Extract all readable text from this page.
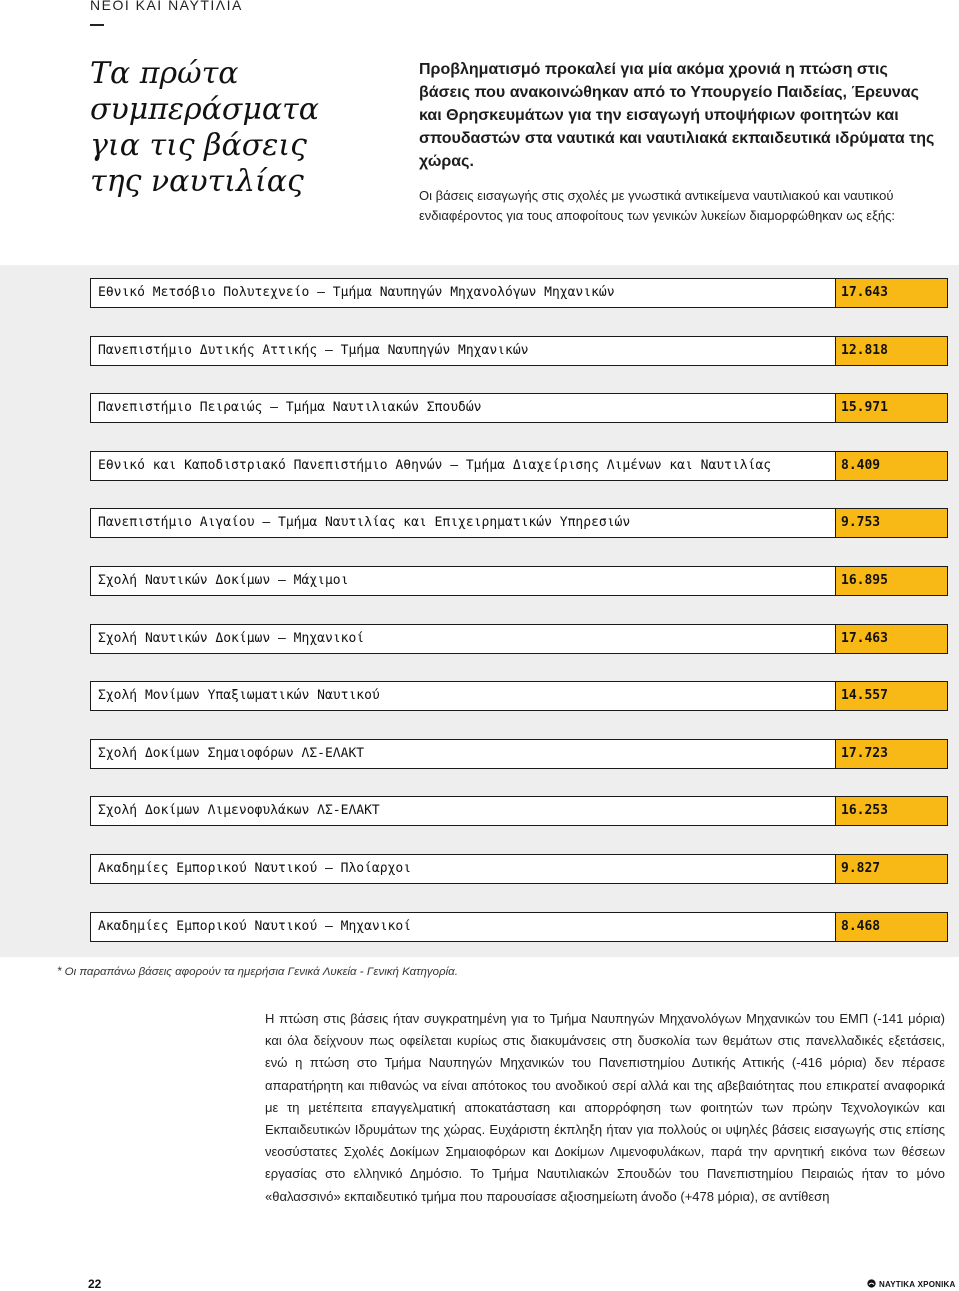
ΝΕΟΙ ΚΑΙ ΝΑΥΤΙΛΙΑ
Τα πρώτα
συμπεράσματα
για τις βάσεις
της ναυτιλίας

Προβληματισμό προκαλεί για μία ακόμα χρονιά η πτώση στις βάσεις που ανακοινώθηκαν από το Υπουργείο Παιδείας, Έρευνας και Θρησκευμάτων για την εισαγωγή υποψήφιων φοιτητών και σπουδαστών στα ναυτικά και ναυτιλιακά εκπαιδευτικά ιδρύματα της χώρας.

Οι βάσεις εισαγωγής στις σχολές με γνωστικά αντικείμενα ναυτιλιακού και ναυτικού ενδιαφέροντος για τους αποφοίτους των γενικών λυκείων διαμορφώθηκαν ως εξής:

Εθνικό Μετσόβιο Πολυτεχνείο – Τμήμα Ναυπηγών Μηχανολόγων Μηχανικών	17.643
Πανεπιστήμιο Δυτικής Αττικής – Τμήμα Ναυπηγών Μηχανικών	12.818
Πανεπιστήμιο Πειραιώς – Τμήμα Ναυτιλιακών Σπουδών	15.971
Εθνικό και Καποδιστριακό Πανεπιστήμιο Αθηνών – Τμήμα Διαχείρισης Λιμένων και Ναυτιλίας	8.409
Πανεπιστήμιο Αιγαίου – Τμήμα Ναυτιλίας και Επιχειρηματικών Υπηρεσιών	9.753
Σχολή Ναυτικών Δοκίμων – Μάχιμοι	16.895
Σχολή Ναυτικών Δοκίμων – Μηχανικοί	17.463
Σχολή Μονίμων Υπαξιωματικών Ναυτικού	14.557
Σχολή Δοκίμων Σημαιοφόρων ΛΣ-ΕΛΑΚΤ	17.723
Σχολή Δοκίμων Λιμενοφυλάκων ΛΣ-ΕΛΑΚΤ	16.253
Ακαδημίες Εμπορικού Ναυτικού – Πλοίαρχοι	9.827
Ακαδημίες Εμπορικού Ναυτικού – Μηχανικοί	8.468

* Οι παραπάνω βάσεις αφορούν τα ημερήσια Γενικά Λυκεία - Γενική Κατηγορία.

Η πτώση στις βάσεις ήταν συγκρατημένη για το Τμήμα Ναυπηγών Μηχανολόγων Μηχανικών του ΕΜΠ (-141 μόρια) και όλα δείχνουν πως οφείλεται κυρίως στις διακυμάνσεις στη δυσκολία των θεμάτων στις πανελλαδικές εξετάσεις, ενώ η πτώση στο Τμήμα Ναυπηγών Μηχανικών του Πανεπιστημίου Δυτικής Αττικής (-416 μόρια) δεν πέρασε απαρατήρητη και πιθανώς να είναι απότοκος του ανοδικού σερί αλλά και της αβεβαιότητας που επικρατεί αναφορικά με τη μετέπειτα επαγγελματική αποκατάσταση και απορρόφηση των φοιτητών των πρώην Τεχνολογικών και Εκπαιδευτικών Ιδρυμάτων της χώρας. Ευχάριστη έκπληξη ήταν για πολλούς οι υψηλές βάσεις εισαγωγής στις επίσης νεοσύστατες Σχολές Δοκίμων Σημαιοφόρων και Δοκίμων Λιμενοφυλάκων, παρά την αρνητική εικόνα των θέσεων εργασίας στο ελληνικό Δημόσιο. Το Τμήμα Ναυτιλιακών Σπουδών του Πανεπιστημίου Πειραιώς ήταν το μόνο «θαλασσινό» εκπαιδευτικό τμήμα που παρουσίασε αξιοσημείωτη άνοδο (+478 μόρια), σε αντίθεση

22	ΝΑΥΤΙΚΑ ΧΡΟΝΙΚΑ
